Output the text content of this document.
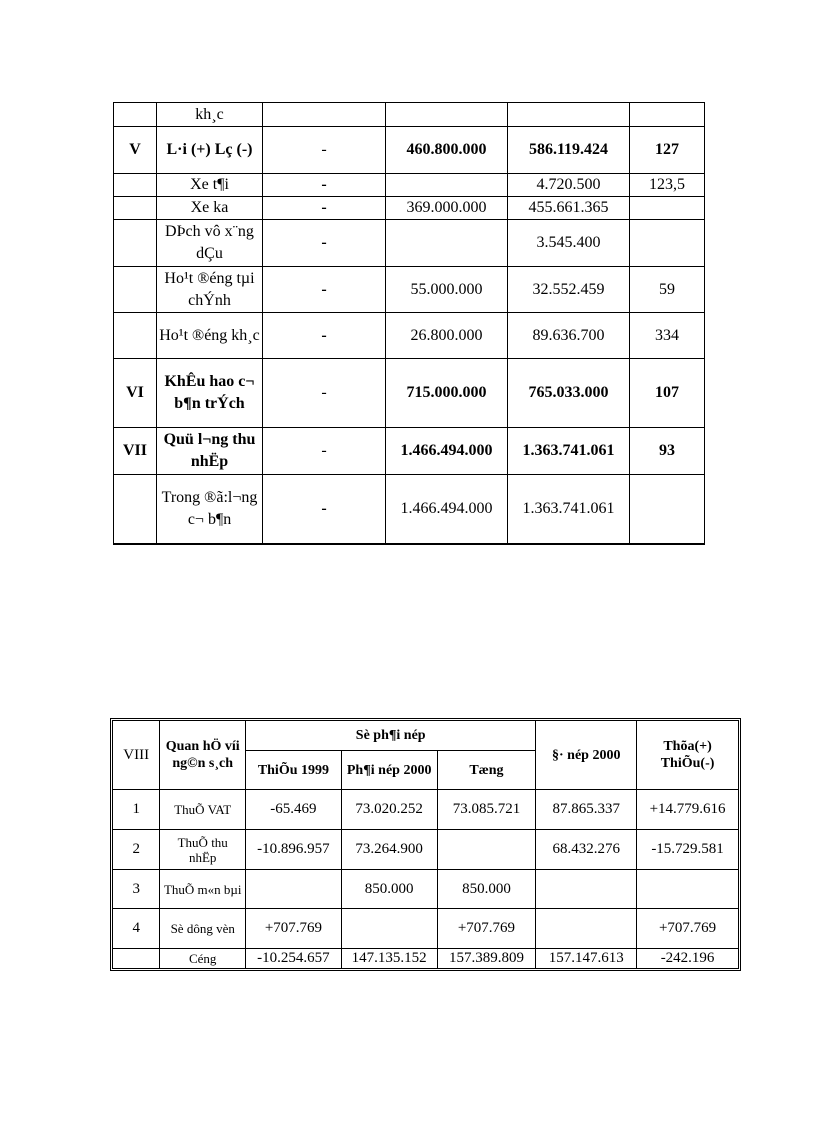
	kh¸c				
V	L·i (+) Lç (-)	-	460.800.000	586.119.424	127
	Xe t¶i	-		4.720.500	123,5
	Xe ka	-	369.000.000	455.661.365	
	DÞch vô x¨ng dÇu	-		3.545.400	
	Ho¹t ®éng tµi chÝnh	-	55.000.000	32.552.459	59
	Ho¹t ®éng kh¸c	-	26.800.000	89.636.700	334
VI	KhÊu hao c¬ b¶n trÝch	-	715.000.000	765.033.000	107
VII	Quü l¬ng thu nhËp	-	1.466.494.000	1.363.741.061	93
	Trong ®ã:l¬ng c¬ b¶n	-	1.466.494.000	1.363.741.061	
VIII	Quan hÖ víi ng©n s¸ch	Sè ph¶i nép			§· nép 2000	Thõa(+) ThiÕu(-)
		ThiÕu 1999	Ph¶i nép 2000	Tæng		
1	ThuÕ VAT	-65.469	73.020.252	73.085.721	87.865.337	+14.779.616
2	ThuÕ thu nhËp	-10.896.957	73.264.900		68.432.276	-15.729.581
3	ThuÕ m«n bµi		850.000	850.000		
4	Sè dông vèn	+707.769		+707.769		+707.769
	Céng	-10.254.657	147.135.152	157.389.809	157.147.613	-242.196
